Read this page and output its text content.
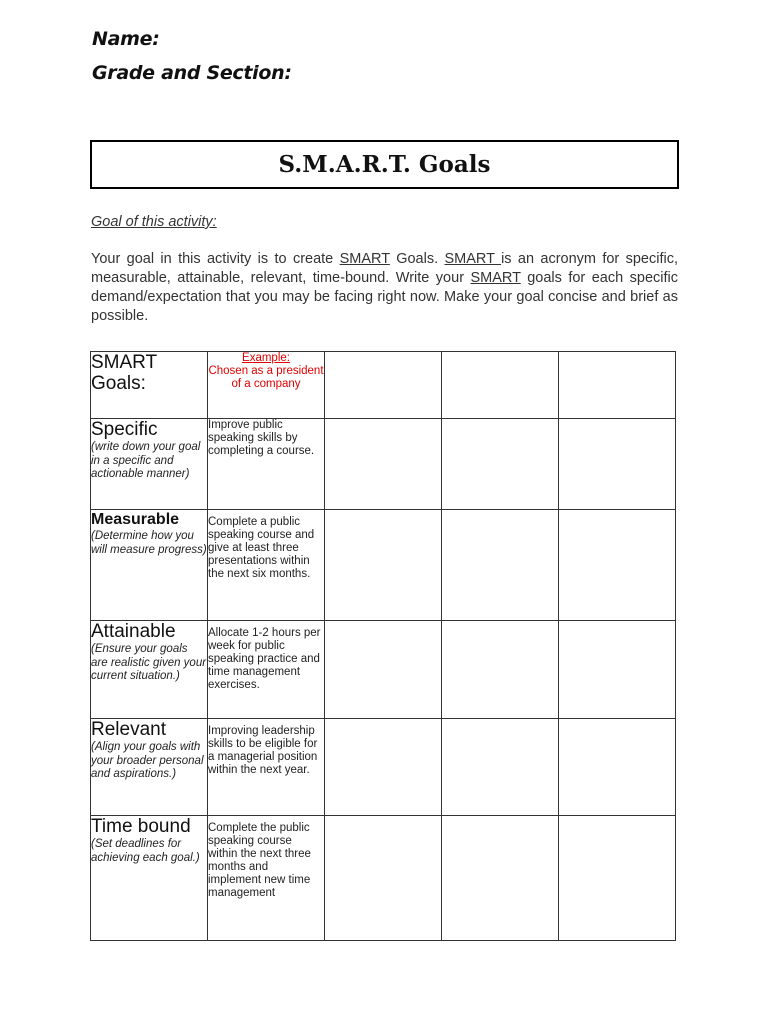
Name:
Grade and Section:
S.M.A.R.T. Goals
Goal of this activity:

Your goal in this activity is to create SMART Goals. SMART is an acronym for specific, measurable, attainable, relevant, time-bound. Write your SMART goals for each specific demand/expectation that you may be facing right now. Make your goal concise and brief as possible.

SMART Goals:	Example:
Chosen as a president of a company			

Specific
(write down your goal in a specific and actionable manner)	Improve public speaking skills by completing a course.			

Measurable
(Determine how you will measure progress)	Complete a public speaking course and give at least three presentations within the next six months.			

Attainable
(Ensure your goals are realistic given your current situation.)	Allocate 1-2 hours per week for public speaking practice and time management exercises.			

Relevant
(Align your goals with your broader personal and aspirations.)	Improving leadership skills to be eligible for a managerial position within the next year.			

Time bound
(Set deadlines for achieving each goal.)	Complete the public speaking course within the next three months and implement new time management			
